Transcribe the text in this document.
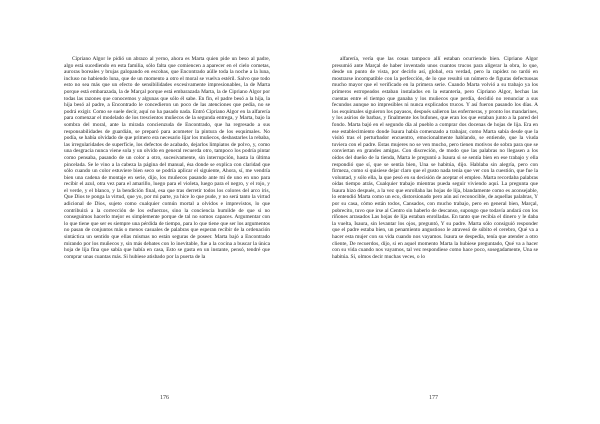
Cipriano Algor le pidió un abrazo al yerno, ahora es Marta quien pide un beso al padre, algo está sucediendo en esta familia, sólo falta que comiencen a aparecer en el cielo cometas, auroras boreales y brujas galopando en escobas, que Encontrado aúlle toda la noche a la luna, incluso no habiendo luna, que de un momento a otro el moral se vuelva estéril. Salvo que todo esto no sea más que un efecto de sensibilidades excesivamente impresionables, la de Marta porque está embarazada, la de Marçal porque está embarazada Marta, la de Cipriano Algor por todas las razones que conocemos y algunas que sólo él sabe. En fin, el padre besó a la hija, la hija besó al padre, a Encontrado le concedieron un poco de las atenciones que pedía, no se podrá exigir. Como se suele decir, aquí no ha pasado nada. Entró Cipriano Algor en la alfarería para comenzar el modelado de los trescientos muñecos de la segunda entrega, y Marta, bajo la sombra del moral, ante la mirada concienzuda de Encontrado, que ha regresado a sus responsabilidades de guardián, se preparó para acometer la pintura de los esquimales. No podía, se había olvidado de que primero era necesario lijar los muñecos, desbastarles la rebaba, las irregularidades de superficie, los defectos de acabado, dejarlos limpiatos de polvo, y, como una desgracia nunca viene sola y un olvido en general recuerda otro, tampoco los podría pintar como pensaba, pasando de un color a otro, sucesivamente, sin interrupción, hasta la última pincelada. Se le vino a la cabeza la página del manual, ésa donde se explica con claridad que sólo cuando un color estuviere bien seco se podría aplicar el siguiente, Ahora, sí, me vendría bien una cadena de montaje en serie, dijo, los muñecos pasando ante mí de uno en uno para recibir el azul, otra vez para el amarillo, luego para el violeta, luego para el negro, y el rojo, y el verde, y el blanco, y la bendición final, esa que tras derretir todos los colores del arco iris, Que Dios te ponga la virtud, que yo, por mi parte, ya hice lo que pude, y no será tanto la virtud adicional de Dios, sujeto como cualquier común mortal a olvidos e imprevistos, lo que contribuirá a la corrección de los esfuerzos, sino la conciencia humilde de que si no conseguimos hacerlo mejor es simplemente porque de tal no somos capaces. Argumentar con lo que tiene que ser es siempre una pérdida de tiempo, para lo que tiene que ser los argumentos no pasan de conjuntos más o menos casuales de palabras que esperan recibir de la ordenación sintáctica un sentido que ellas mismas no están seguras de poseer. Marta bajó a Encontrado mirando por los muñecos y, sin más debates con lo inevitable, fue a la cocina a buscar la única hoja de lija fina que sabía que había en casa, Esto se gasta en un instante, pensó, tendré que comprar unas cuantas más. Si hubiese atisbado por la puerta de la

176

alfarería, vería que las cosas tampoco allí estaban ocurriendo bien. Cipriano Algor presumió ante Marçal de haber inventado unos cuantos trucos para aligerar la obra, lo que, desde un punto de vista, por decirlo así, global, era verdad, pero la rapidez no tardó en mostrarse incompatible con la perfección, de lo que resultó un número de figuras defectuosas mucho mayor que el verificado en la primera serie. Cuando Marta volvió a su trabajo ya los primeros estropeados estaban instalados en la estantería, pero Cipriano Algor, hechas las cuentas entre el tiempo que ganaba y los muñecos que perdía, decidió no renunciar a sus fecundos aunque no impresibles ni nunca explicados trucos. Y así fueron pasando los días. A los esquimales siguieron los payasos, después salieron las enfermeras, y pronto los mandarines, y los asirios de barbas, y finalmente los bufones, que eran los que estaban junto a la pared del fondo. Marta bajó en el segundo día al pueblo a comprar dos docenas de hojas de lija. Era en ese establecimiento donde Isaura había comenzado a trabajar, como Marta sabía desde que la visitó tras el perturbador encuentro, emocionalmente hablando, se entiende, que la viuda tuviera con el padre. Estas mujeres no se ven mucho, pero tienen motivos de sobra para que se conviertan en grandes amigas. Con discreción, de modo que las palabras no llegasen a los oídos del dueño de la tienda, Marta le preguntó a Isaura si se sentía bien en ese trabajo y ella respondió que sí, que se sentía bien, Una se habitúa, dijo. Hablaba sin alegría, pero con firmeza, como si quisiese dejar claro que el gusto nada tenía que ver con la cuestión, que fue la voluntad, y sólo ella, la que pesó en su decisión de aceptar el empleo. Marta recordaba palabras oídas tiempo atrás, Cualquier trabajo mientras pueda seguir viviendo aquí. La pregunta que Isaura hizo después, a la vez que enrollaba las hojas de lija, blandamente como es aconsejable, lo entendió Marta como un eco, distorsionado pero aún así reconocible, de aquellas palabras, Y por su casa, cómo están todos, Cansados, con mucho trabajo, pero en general bien, Marçal, pobrecito, tuvo que irse al Centro sin haberlo de descanso, supongo que todavía andará con los ríñones arrasados Las hojas de lija estaban enrolladas. En tanto que recibía el dinero y le daba la vuelta, Isaura, sin levantar los ojos, preguntó, Y su padre. Marta sólo consiguió responder que el padre estaba bien, un penamiento angustioso le atravesó de súbito el cerebro, Qué va a hacer esta mujer con su vida cuando nos vayamos. Isaura se despedía, tenía que atender a otro cliente, De recuerdos, dijo, si en aquel momento Marta la hubiese preguntado, Qué va a hacer con su vida cuando nos vayamos, tal vez respondiese como hace poco, sosegadamente, Una se habitúa. Sí, olmos decir muchas veces, o lo

177
